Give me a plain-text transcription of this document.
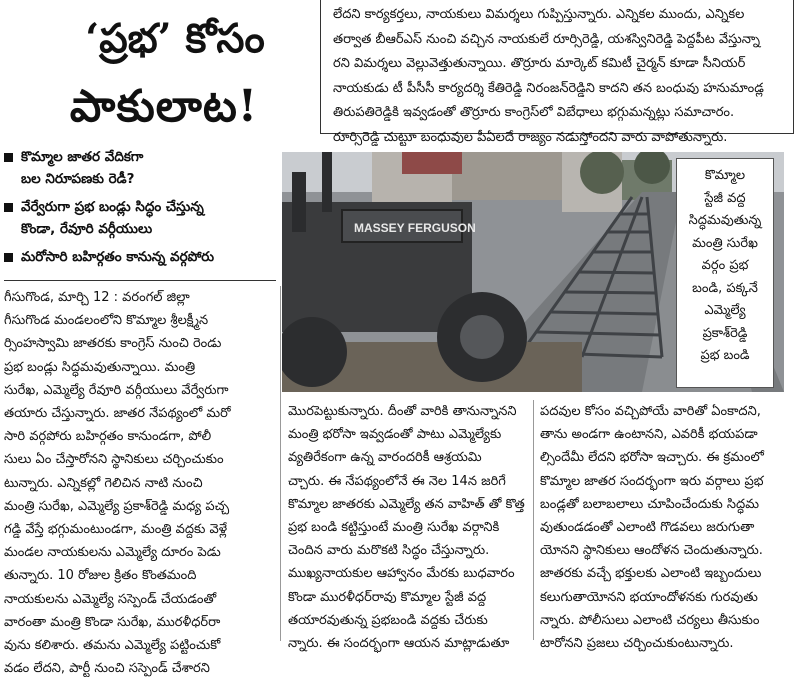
‘ప్రభ’ కోసం
పాకులాట!

లేదని కార్యకర్తలు, నాయకులు విమర్శలు గుప్పిస్తున్నారు. ఎన్నికల ముందు, ఎన్నికల

తర్వాత బీఆర్ఎస్ నుంచి వచ్చిన నాయకులే రూర్సిరెడ్డి, యశస్వినిరెడ్డి పెద్దపీట వేస్తున్నా

రని విమర్శలు వెల్లువెత్తుతున్నాయి. తొర్రూరు మార్కెట్ కమిటీ చైర్మన్ కూడా సీనియర్

నాయకుడు టీ పీసీసీ కార్యదర్శి కేతిరెడ్డి నిరంజన్‌రెడ్డిని కాదని తన బంధువు హనుమాండ్ల

తిరుపతిరెడ్డికి ఇవ్వడంతో తొర్రూరు కాంగ్రెస్‌లో విబేధాలు భగ్గుమన్నట్లు సమాచారం.

రూర్సిరెడ్డి చుట్టూ బంధువుల పీఏలదే రాజ్యం నడుస్తోందని వారు వాపోతున్నారు.

కొమ్మాల జాతర వేదికగా
బల నిరూపణకు రెడీ?
వేర్వేరుగా ప్రభ బండ్లు సిద్ధం చేస్తున్న
కొండా, రేవూరి వర్గీయులు
మరోసారి బహిర్గతం కానున్న వర్గపోరు
MASSEY FERGUSON
కొమ్మాల
స్టేజీ వద్ద
సిద్ధమవుతున్న
మంత్రి సురేఖ
వర్గం ప్రభ
బండి, పక్కనే
ఎమ్మెల్యే
ప్రకాశ్‌రెడ్డి
ప్రభ బండి

గీసుగొండ, మార్చి 12 : వరంగల్ జిల్లా

గీసుగొండ మండలంలోని కొమ్మాల శ్రీలక్ష్మీన

ర్సింహస్వామి జాతరకు కాంగ్రెస్ నుంచి రెండు

ప్రభ బండ్లు సిద్ధమవుతున్నాయి. మంత్రి

సురేఖ, ఎమ్మెల్యే రేవూరి వర్గీయులు వేర్వేరుగా

తయారు చేస్తున్నారు. జాతర నేపథ్యంలో మరో

సారి వర్గపోరు బహిర్గతం కానుండగా, పోలీ

సులు ఏం చేస్తారోనని స్థానికులు చర్చించుకుం

టున్నారు. ఎన్నికల్లో గెలిచిన నాటి నుంచి

మంత్రి సురేఖ, ఎమ్మెల్యే ప్రకాశ్‌రెడ్డి మధ్య పచ్చ

గడ్డి వేస్తే భగ్గుమంటుండగా, మంత్రి వద్దకు వెళ్లే

మండల నాయకులను ఎమ్మెల్యే దూరం పెడు

తున్నారు. 10 రోజుల క్రితం కొంతమంది

నాయకులను ఎమ్మెల్యే సస్పెండ్ చేయడంతో

వారంతా మంత్రి కొండా సురేఖ, మురళీధర్‌రా

వును కలిశారు. తమను ఎమ్మెల్యే పట్టించుకో

వడం లేదని, పార్టీ నుంచి సస్పెండ్ చేశారని

మొరపెట్టుకున్నారు. దీంతో వారికి తానున్నానని

మంత్రి భరోసా ఇవ్వడంతో పాటు ఎమ్మెల్యేకు

వ్యతిరేకంగా ఉన్న వారందరికీ ఆశ్రయమి

చ్చారు. ఈ నేపథ్యంలోనే ఈ నెల 14న జరిగే

కొమ్మాల జాతరకు ఎమ్మెల్యే తన వాహిత్ తో కొత్త

ప్రభ బండి కట్టిస్తుంటే మంత్రి సురేఖ వర్గానికి

చెందిన వారు మరొకటి సిద్ధం చేస్తున్నారు.

ముఖ్యనాయకుల ఆహ్వానం మేరకు బుధవారం

కొండా మురళీధర్‌రావు కొమ్మాల స్టేజీ వద్ద

తయారవుతున్న ప్రభబండి వద్దకు చేరుకు

న్నారు. ఈ సందర్భంగా ఆయన మాట్లాడుతూ

పదవుల కోసం వచ్చిపోయే వారితో ఏంకాదని,

తాను అండగా ఉంటానని, ఎవరికీ భయపడా

ల్సిందేమీ లేదని భరోసా ఇచ్చారు. ఈ క్రమంలో

కొమ్మాల జాతర సందర్భంగా ఇరు వర్గాలు ప్రభ

బండ్లతో బలాబలాలు చూపించేందుకు సిద్ధమ

వుతుండడంతో ఎలాంటి గొడవలు జరుగుతా

యోనని స్థానికులు ఆందోళన చెందుతున్నారు.

జాతరకు వచ్చే భక్తులకు ఎలాంటి ఇబ్బందులు

కలుగుతాయోనని భయాందోళనకు గురవుతు

న్నారు. పోలీసులు ఎలాంటి చర్యలు తీసుకుం

టారోనని ప్రజలు చర్చించుకుంటున్నారు.
